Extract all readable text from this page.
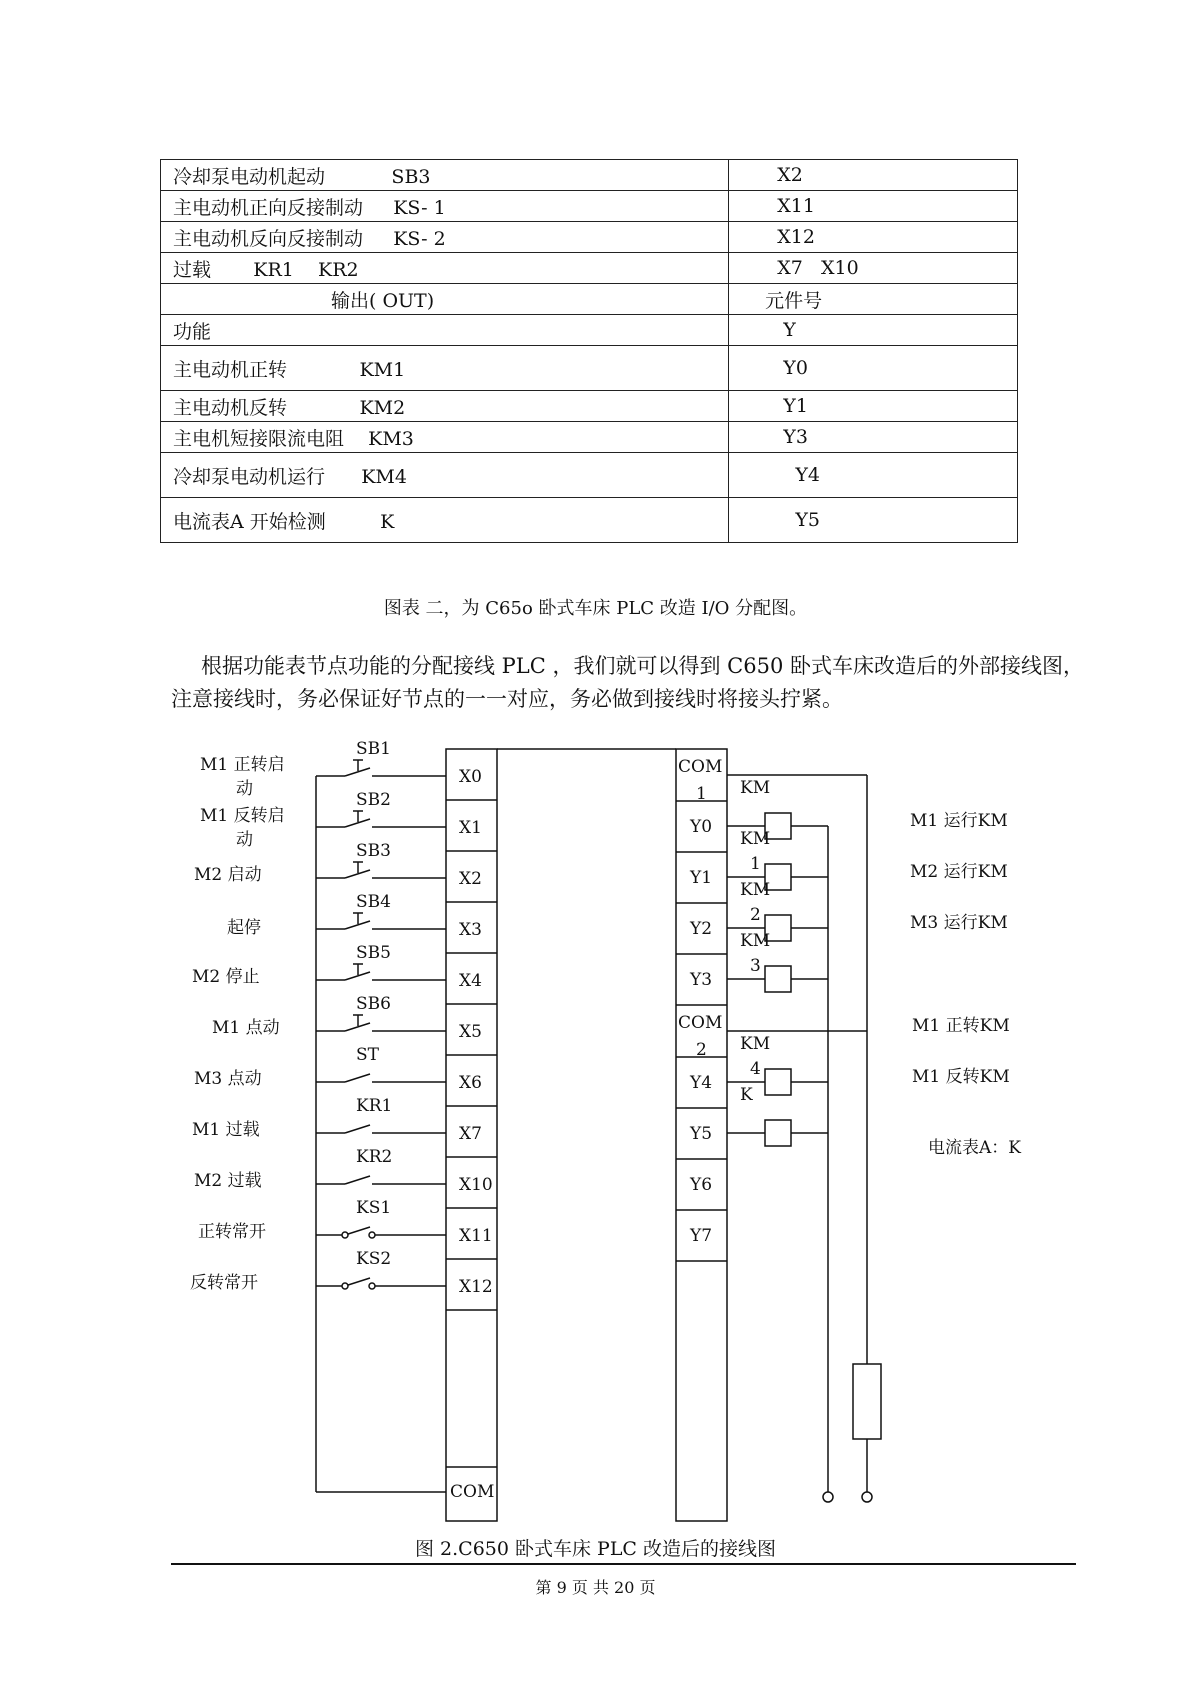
冷却泵电动机起动           SB3	X2
主电动机正向反接制动     KS- 1	X11
主电动机反向反接制动     KS- 2	X12
过载       KR1    KR2	X7   X10
输出( OUT)	元件号
功能	Y
主电动机正转            KM1	Y0
主电动机反转            KM2	Y1
主电机短接限流电阻    KM3	Y3
冷却泵电动机运行      KM4	Y4
电流表A 开始检测         K	Y5
图表 二，为 C65o 卧式车床 PLC 改造 I/O 分配图。

根据功能表节点功能的分配接线 PLC ，我们就可以得到 C650 卧式车床改造后的外部接线图，注意接线时，务必保证好节点的一一对应，务必做到接线时将接头拧紧。

X0
SB1
M1 正转启
动
X1
SB2
M1 反转启
动
X2
SB3
M2 启动
X3
SB4
起停
X4
SB5
M2 停止
X5
SB6
M1 点动
X6
ST
M3 点动
X7
KR1
M1 过载
X10
KR2
M2 过载
X11
KS1
正转常开
X12
KS2
反转常开
COM
COM
Y0
Y1
Y2
Y3
COM
Y4
Y5
Y6
Y7
1
2
KM
KM
1
KM
2
KM
3
KM
4
K
M1 运行KM
M2 运行KM
M3 运行KM
M1 正转KM
M1 反转KM
电流表A：K
图 2.C650 卧式车床 PLC 改造后的接线图
第 9 页 共 20 页
